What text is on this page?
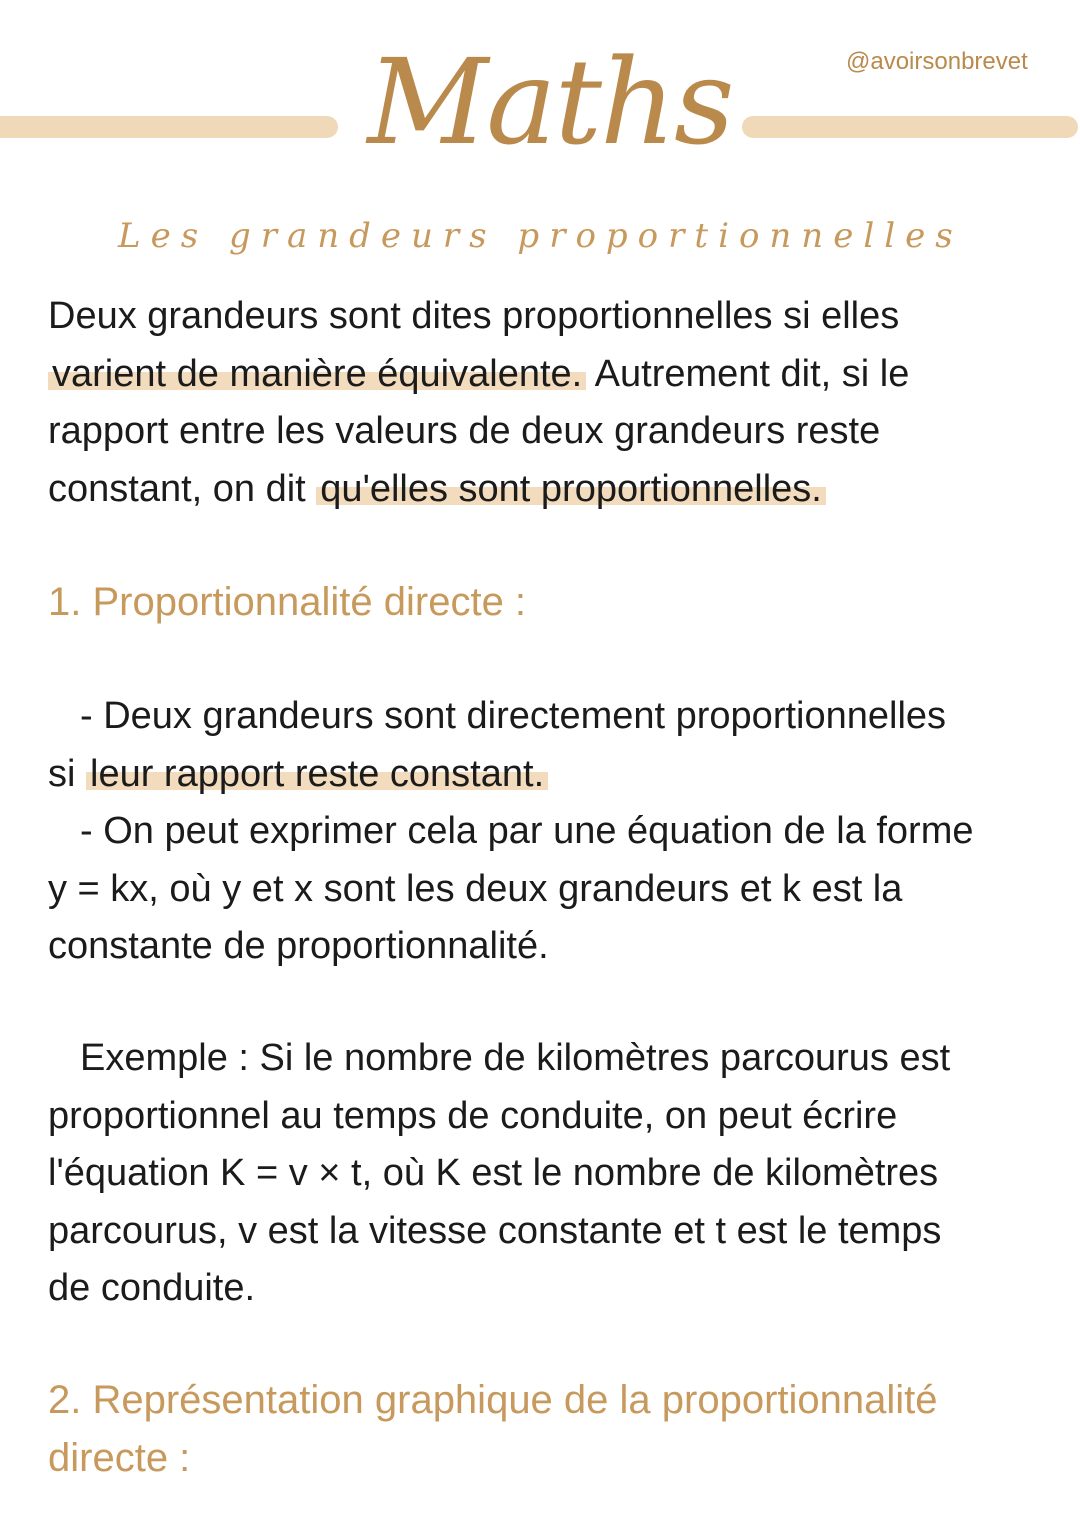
Maths	@avoirsonbrevet
Les grandeurs proportionnelles
Deux grandeurs sont dites proportionnelles si elles
varient de manière équivalente. Autrement dit, si le
rapport entre les valeurs de deux grandeurs reste
constant, on dit qu'elles sont proportionnelles.
1. Proportionnalité directe :
- Deux grandeurs sont directement proportionnelles
si leur rapport reste constant.
- On peut exprimer cela par une équation de la forme
y = kx, où y et x sont les deux grandeurs et k est la
constante de proportionnalité.
Exemple : Si le nombre de kilomètres parcourus est
proportionnel au temps de conduite, on peut écrire
l'équation K = v × t, où K est le nombre de kilomètres
parcourus, v est la vitesse constante et t est le temps
de conduite.
2. Représentation graphique de la proportionnalité
directe :
